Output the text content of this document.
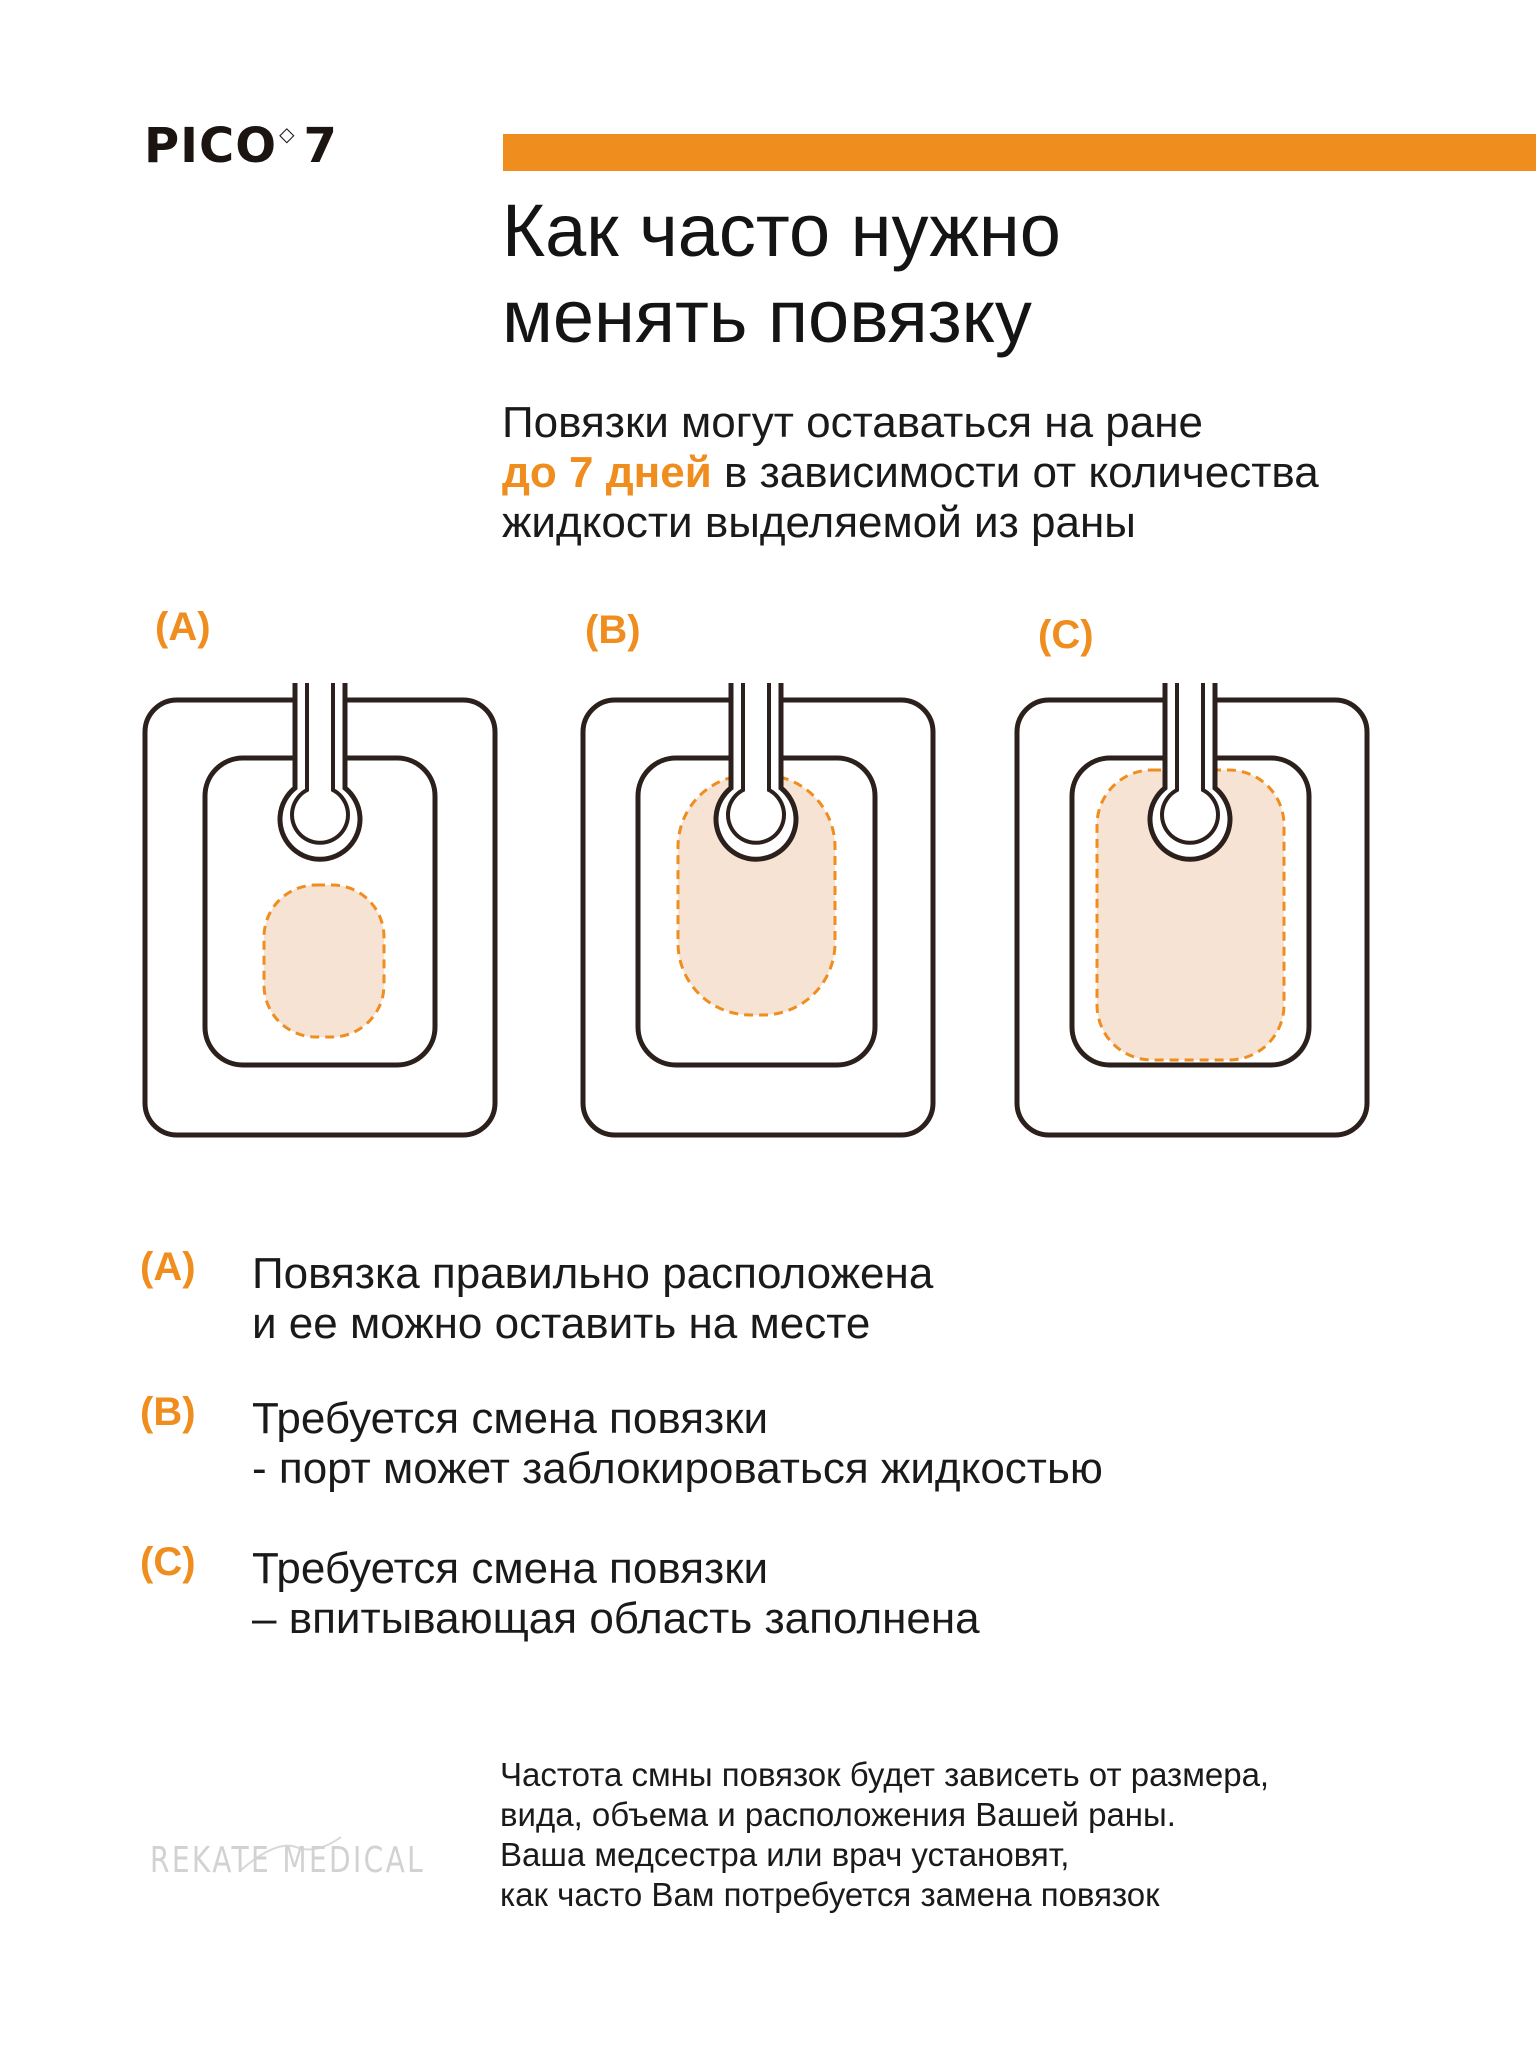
PICO ◇ 7
Как часто нужно
менять повязку
Повязки могут оставаться на ране
до 7 дней в зависимости от количества
жидкости выделяемой из раны
(A)	(B)	(C)
(A) Повязка правильно расположена
и ее можно оставить на месте
(B) Требуется смена повязки
- порт может заблокироваться жидкостью
(C) Требуется смена повязки
– впитывающая область заполнена
Частота смны повязок будет зависеть от размера,
вида, объема и расположения Вашей раны.
Ваша медсестра или врач установят,
как часто Вам потребуется замена повязок
REKATE MEDICAL
